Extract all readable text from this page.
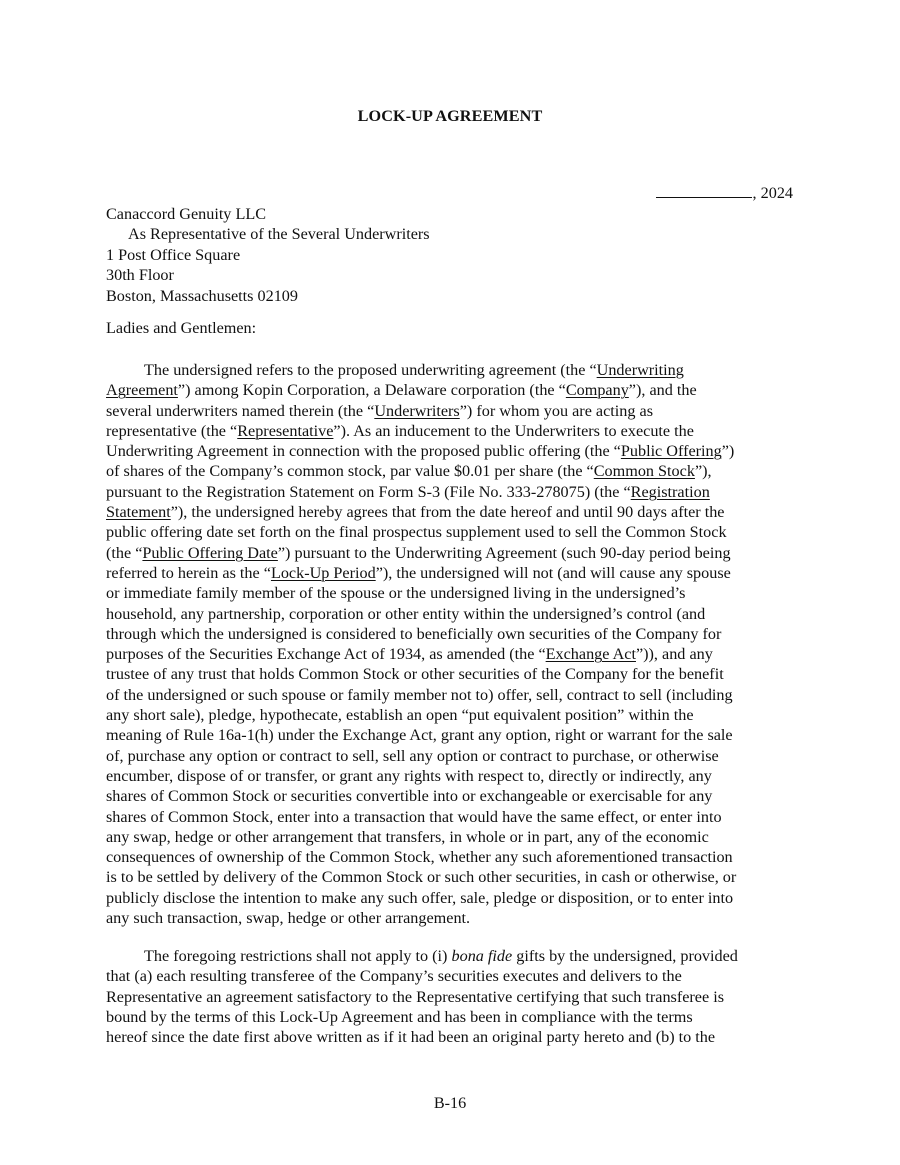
LOCK-UP AGREEMENT
, 2024
Canaccord Genuity LLC
As Representative of the Several Underwriters
1 Post Office Square
30th Floor
Boston, Massachusetts 02109
Ladies and Gentlemen:
The undersigned refers to the proposed underwriting agreement (the “Underwriting
Agreement”) among Kopin Corporation, a Delaware corporation (the “Company”), and the
several underwriters named therein (the “Underwriters”) for whom you are acting as
representative (the “Representative”). As an inducement to the Underwriters to execute the
Underwriting Agreement in connection with the proposed public offering (the “Public Offering”)
of shares of the Company’s common stock, par value $0.01 per share (the “Common Stock”),
pursuant to the Registration Statement on Form S-3 (File No. 333-278075) (the “Registration
Statement”), the undersigned hereby agrees that from the date hereof and until 90 days after the
public offering date set forth on the final prospectus supplement used to sell the Common Stock
(the “Public Offering Date”) pursuant to the Underwriting Agreement (such 90-day period being
referred to herein as the “Lock-Up Period”), the undersigned will not (and will cause any spouse
or immediate family member of the spouse or the undersigned living in the undersigned’s
household, any partnership, corporation or other entity within the undersigned’s control (and
through which the undersigned is considered to beneficially own securities of the Company for
purposes of the Securities Exchange Act of 1934, as amended (the “Exchange Act”)), and any
trustee of any trust that holds Common Stock or other securities of the Company for the benefit
of the undersigned or such spouse or family member not to) offer, sell, contract to sell (including
any short sale), pledge, hypothecate, establish an open “put equivalent position” within the
meaning of Rule 16a-1(h) under the Exchange Act, grant any option, right or warrant for the sale
of, purchase any option or contract to sell, sell any option or contract to purchase, or otherwise
encumber, dispose of or transfer, or grant any rights with respect to, directly or indirectly, any
shares of Common Stock or securities convertible into or exchangeable or exercisable for any
shares of Common Stock, enter into a transaction that would have the same effect, or enter into
any swap, hedge or other arrangement that transfers, in whole or in part, any of the economic
consequences of ownership of the Common Stock, whether any such aforementioned transaction
is to be settled by delivery of the Common Stock or such other securities, in cash or otherwise, or
publicly disclose the intention to make any such offer, sale, pledge or disposition, or to enter into
any such transaction, swap, hedge or other arrangement.
The foregoing restrictions shall not apply to (i) bona fide gifts by the undersigned, provided
that (a) each resulting transferee of the Company’s securities executes and delivers to the
Representative an agreement satisfactory to the Representative certifying that such transferee is
bound by the terms of this Lock-Up Agreement and has been in compliance with the terms
hereof since the date first above written as if it had been an original party hereto and (b) to the
B-16
